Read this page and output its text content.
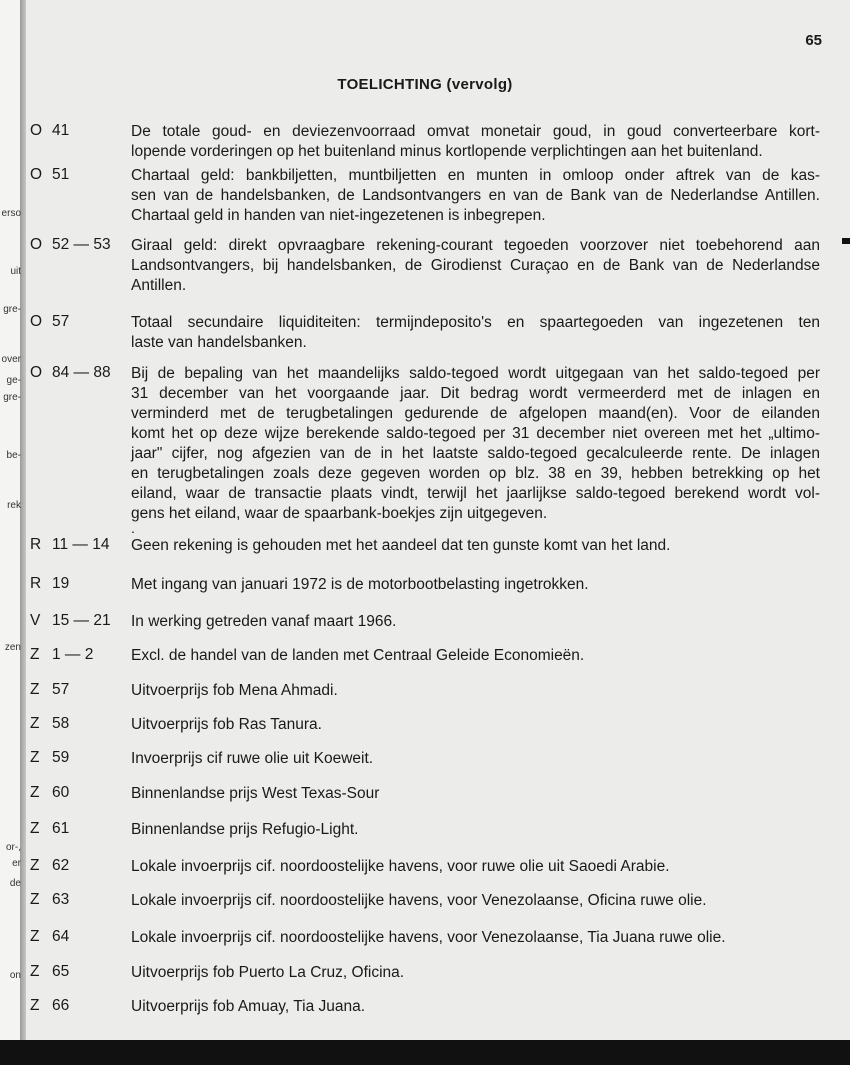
erso
uit
gre-
over
ge-
gre-
be-
rek
zen
or-,
er
de
on
65
TOELICHTING (vervolg)
O 41	De totale goud- en deviezenvoorraad omvat monetair goud, in goud converteerbare kort-
lopende vorderingen op het buitenland minus kortlopende verplichtingen aan het buitenland.
O 51	Chartaal geld: bankbiljetten, muntbiljetten en munten in omloop onder aftrek van de kas-
sen van de handelsbanken, de Landsontvangers en van de Bank van de Nederlandse Antillen.
Chartaal geld in handen van niet-ingezetenen is inbegrepen.
O 52 — 53 Giraal geld: direkt opvraagbare rekening-courant tegoeden voorzover niet toebehorend aan
Landsontvangers, bij handelsbanken, de Girodienst Curaçao en de Bank van de Nederlandse
Antillen.
O 57	Totaal secundaire liquiditeiten: termijndeposito's en spaartegoeden van ingezetenen ten
laste van handelsbanken.
O 84 — 88 Bij de bepaling van het maandelijks saldo-tegoed wordt uitgegaan van het saldo-tegoed per
31 december van het voorgaande jaar. Dit bedrag wordt vermeerderd met de inlagen en
verminderd met de terugbetalingen gedurende de afgelopen maand(en). Voor de eilanden
komt het op deze wijze berekende saldo-tegoed per 31 december niet overeen met het „ultimo-
jaar" cijfer, nog afgezien van de in het laatste saldo-tegoed gecalculeerde rente. De inlagen
en terugbetalingen zoals deze gegeven worden op blz. 38 en 39, hebben betrekking op het
eiland, waar de transactie plaats vindt, terwijl het jaarlijkse saldo-tegoed berekend wordt vol-
gens het eiland, waar de spaarbank-boekjes zijn uitgegeven.
R 11 — 14 Geen rekening is gehouden met het aandeel dat ten gunste komt van het land.
R 19	Met ingang van januari 1972 is de motorbootbelasting ingetrokken.
V 15 — 21 In werking getreden vanaf maart 1966.
Z 1 — 2 Excl. de handel van de landen met Centraal Geleide Economieën.
Z 57	Uitvoerprijs fob Mena Ahmadi.
Z 58	Uitvoerprijs fob Ras Tanura.
Z 59	Invoerprijs cif ruwe olie uit Koeweit.
Z 60	Binnenlandse prijs West Texas-Sour
Z 61	Binnenlandse prijs Refugio-Light.
Z 62	Lokale invoerprijs cif. noordoostelijke havens, voor ruwe olie uit Saoedi Arabie.
Z 63	Lokale invoerprijs cif. noordoostelijke havens, voor Venezolaanse, Oficina ruwe olie.
Z 64	Lokale invoerprijs cif. noordoostelijke havens, voor Venezolaanse, Tia Juana ruwe olie.
Z 65	Uitvoerprijs fob Puerto La Cruz, Oficina.
Z 66	Uitvoerprijs fob Amuay, Tia Juana.
.
